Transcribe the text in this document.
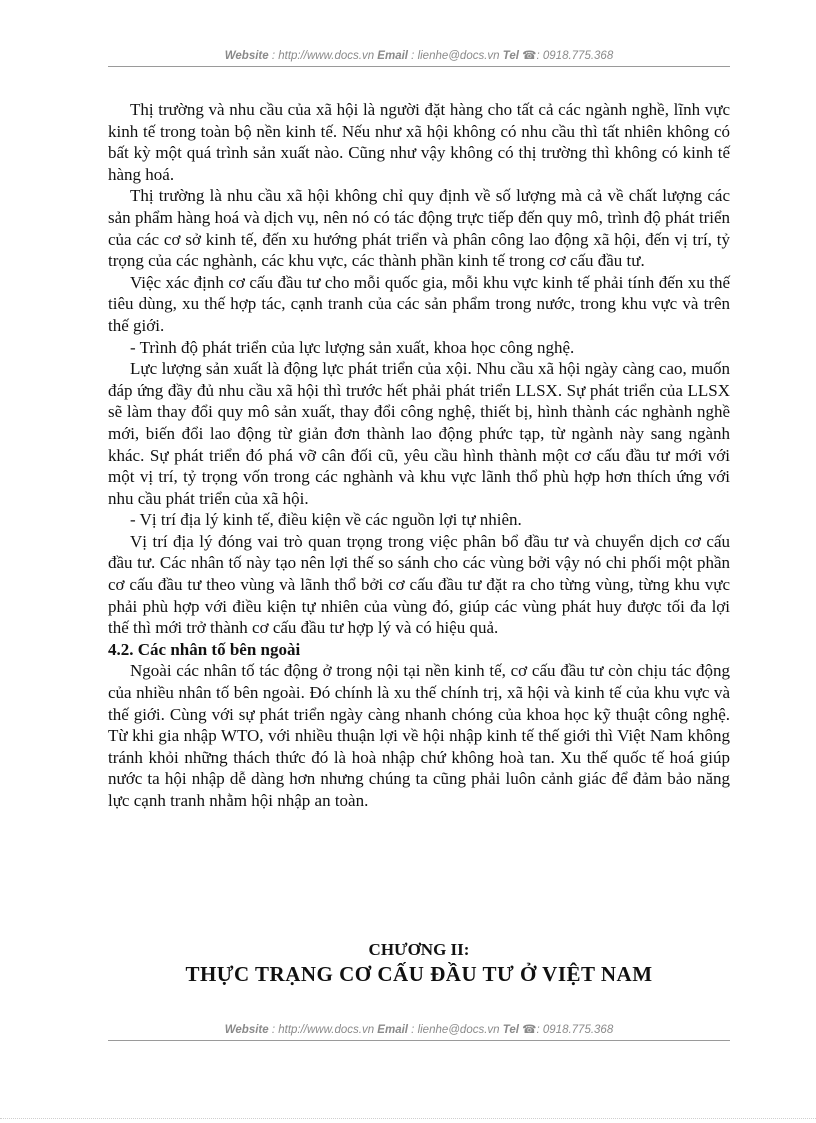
Website : http://www.docs.vn Email : lienhe@docs.vn Tel ☎: 0918.775.368

Thị trường và nhu cầu của xã hội là người đặt hàng cho tất cả các ngành nghề, lĩnh vực kinh tế trong toàn bộ nền kinh tế. Nếu như xã hội không có nhu cầu thì tất nhiên không có bất kỳ một quá trình sản xuất nào. Cũng như vậy không có thị trường thì không có kinh tế hàng hoá.

Thị trường là nhu cầu xã hội không chỉ quy định về số lượng mà cả về chất lượng các sản phẩm hàng hoá và dịch vụ, nên nó có tác động trực tiếp đến quy mô, trình độ phát triển của các cơ sở kinh tế, đến xu hướng phát triển và phân công lao động xã hội, đến vị trí, tỷ trọng của các nghành, các khu vực, các thành phần kinh tế trong cơ cấu đầu tư.

Việc xác định cơ cấu đầu tư cho mỗi quốc gia, mỗi khu vực kinh tế phải tính đến xu thế tiêu dùng, xu thế hợp tác, cạnh tranh của các sản phẩm trong nước, trong khu vực và trên thế giới.

- Trình độ phát triển của lực lượng sản xuất, khoa học công nghệ.

Lực lượng sản xuất là động lực phát triển của xội. Nhu cầu xã hội ngày càng cao, muốn đáp ứng đầy đủ nhu cầu xã hội thì trước hết phải phát triển LLSX. Sự phát triển của LLSX sẽ làm thay đổi quy mô sản xuất, thay đổi công nghệ, thiết bị, hình thành các nghành nghề mới, biến đổi lao động từ giản đơn thành lao động phức tạp, từ ngành này sang ngành khác. Sự phát triển đó phá vỡ cân đối cũ, yêu cầu hình thành một cơ cấu đầu tư mới với một vị trí, tỷ trọng vốn trong các nghành và khu vực lãnh thổ phù hợp hơn thích ứng với nhu cầu phát triển của xã hội.

- Vị trí địa lý kinh tế, điều kiện về các nguồn lợi tự nhiên.

Vị trí địa lý đóng vai trò quan trọng trong việc phân bổ đầu tư và chuyển dịch cơ cấu đầu tư. Các nhân tố này tạo nên lợi thế so sánh cho các vùng bởi vậy nó chi phối một phần cơ cấu đầu tư theo vùng và lãnh thổ bởi cơ cấu đầu tư đặt ra cho từng vùng, từng khu vực phải phù hợp với điều kiện tự nhiên của vùng đó, giúp các vùng phát huy được tối đa lợi thế thì mới trở thành cơ cấu đầu tư hợp lý và có hiệu quả.

4.2. Các nhân tố bên ngoài

Ngoài các nhân tố tác động ở trong nội tại nền kinh tế, cơ cấu đầu tư còn chịu tác động của nhiều nhân tố bên ngoài. Đó chính là xu thế chính trị, xã hội và kinh tế của khu vực và thế giới. Cùng với sự phát triển ngày càng nhanh chóng của khoa học kỹ thuật công nghệ. Từ khi gia nhập WTO, với nhiều thuận lợi về hội nhập kinh tế thế giới thì Việt Nam không tránh khỏi những thách thức đó là hoà nhập chứ không hoà tan. Xu thế quốc tế hoá giúp nước ta hội nhập dễ dàng hơn nhưng chúng ta cũng phải luôn cảnh giác để đảm bảo năng lực cạnh tranh nhằm hội nhập an toàn.

CHƯƠNG II:
THỰC TRẠNG CƠ CẤU ĐẦU TƯ Ở VIỆT NAM
Website : http://www.docs.vn Email : lienhe@docs.vn Tel ☎: 0918.775.368
